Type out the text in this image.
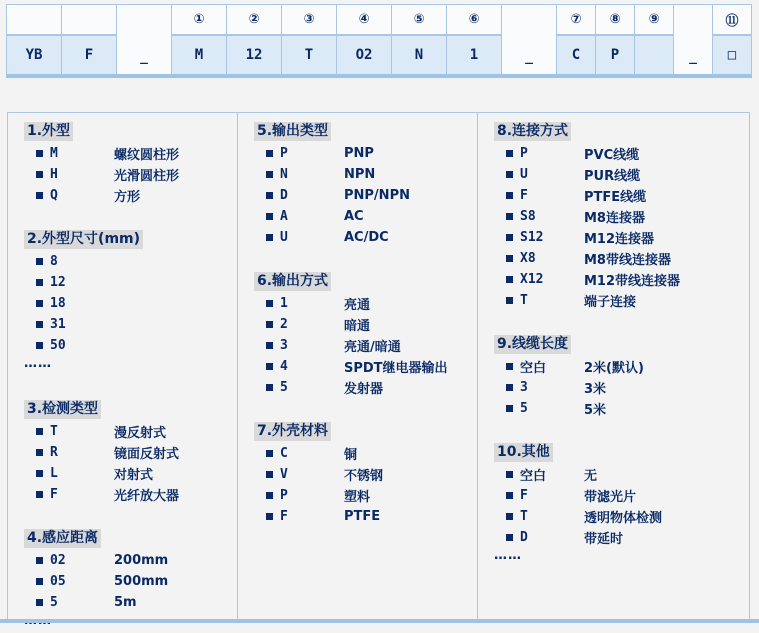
		_	①	②	③	④	⑤	⑥	_	⑦	⑧	⑨	_	⑪
YB	F		M	12	T	O2	N	1		C	P			□
1.外型
M	螺纹圆柱形
H	光滑圆柱形
Q	方形
2.外型尺寸(mm)
8
12
18
31
50
……
3.检测类型
T	漫反射式
R	镜面反射式
L	对射式
F	光纤放大器
4.感应距离
02	200mm
05	500mm
5	5m
5.输出类型
P	PNP
N	NPN
D	PNP/NPN
A	AC
U	AC/DC
6.输出方式
1	亮通
2	暗通
3	亮通/暗通
4	SPDT继电器输出
5	发射器
7.外壳材料
C	铜
V	不锈钢
P	塑料
F	PTFE
8.连接方式
P	PVC线缆
U	PUR线缆
F	PTFE线缆
S8	M8连接器
S12	M12连接器
X8	M8带线连接器
X12	M12带线连接器
T	端子连接
9.线缆长度
空白	2米(默认)
3	3米
5	5米
10.其他
空白	无
F	带滤光片
T	透明物体检测
D	带延时
……
